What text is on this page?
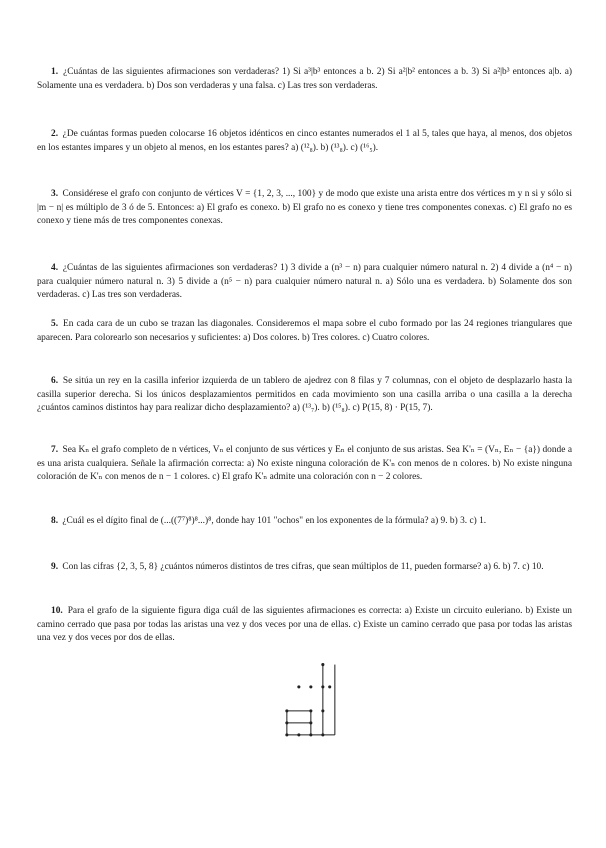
1. ¿Cuántas de las siguientes afirmaciones son verdaderas? 1) Si a³|b³ entonces a b. 2) Si a²|b² entonces a b. 3) Si a²|b³ entonces a|b. a) Solamente una es verdadera. b) Dos son verdaderas y una falsa. c) Las tres son verdaderas.

2. ¿De cuántas formas pueden colocarse 16 objetos idénticos en cinco estantes numerados el 1 al 5, tales que haya, al menos, dos objetos en los estantes impares y un objeto al menos, en los estantes pares? a) (¹²₈). b) (¹³₈). c) (¹⁶₅).

3. Considérese el grafo con conjunto de vértices V = {1, 2, 3, ..., 100} y de modo que existe una arista entre dos vértices m y n si y sólo si |m − n| es múltiplo de 3 ó de 5. Entonces: a) El grafo es conexo. b) El grafo no es conexo y tiene tres componentes conexas. c) El grafo no es conexo y tiene más de tres componentes conexas.

4. ¿Cuántas de las siguientes afirmaciones son verdaderas? 1) 3 divide a (n³ − n) para cualquier número natural n. 2) 4 divide a (n⁴ − n) para cualquier número natural n. 3) 5 divide a (n⁵ − n) para cualquier número natural n. a) Sólo una es verdadera. b) Solamente dos son verdaderas. c) Las tres son verdaderas.

5. En cada cara de un cubo se trazan las diagonales. Consideremos el mapa sobre el cubo formado por las 24 regiones triangulares que aparecen. Para colorearlo son necesarios y suficientes: a) Dos colores. b) Tres colores. c) Cuatro colores.

6. Se sitúa un rey en la casilla inferior izquierda de un tablero de ajedrez con 8 filas y 7 columnas, con el objeto de desplazarlo hasta la casilla superior derecha. Si los únicos desplazamientos permitidos en cada movimiento son una casilla arriba o una casilla a la derecha ¿cuántos caminos distintos hay para realizar dicho desplazamiento? a) (¹³₇). b) (¹⁵₈). c) P(15, 8) · P(15, 7).

7. Sea Kₙ el grafo completo de n vértices, Vₙ el conjunto de sus vértices y Eₙ el conjunto de sus aristas. Sea K'ₙ = (Vₙ, Eₙ − {a}) donde a es una arista cualquiera. Señale la afirmación correcta: a) No existe ninguna coloración de K'ₙ con menos de n colores. b) No existe ninguna coloración de K'ₙ con menos de n − 1 colores. c) El grafo K'ₙ admite una coloración con n − 2 colores.

8. ¿Cuál es el dígito final de (...((7⁷)⁸)⁸...)⁸, donde hay 101 "ochos" en los exponentes de la fórmula? a) 9. b) 3. c) 1.

9. Con las cifras {2, 3, 5, 8} ¿cuántos números distintos de tres cifras, que sean múltiplos de 11, pueden formarse? a) 6. b) 7. c) 10.

10. Para el grafo de la siguiente figura diga cuál de las siguientes afirmaciones es correcta: a) Existe un circuito euleriano. b) Existe un camino cerrado que pasa por todas las aristas una vez y dos veces por una de ellas. c) Existe un camino cerrado que pasa por todas las aristas una vez y dos veces por dos de ellas.
